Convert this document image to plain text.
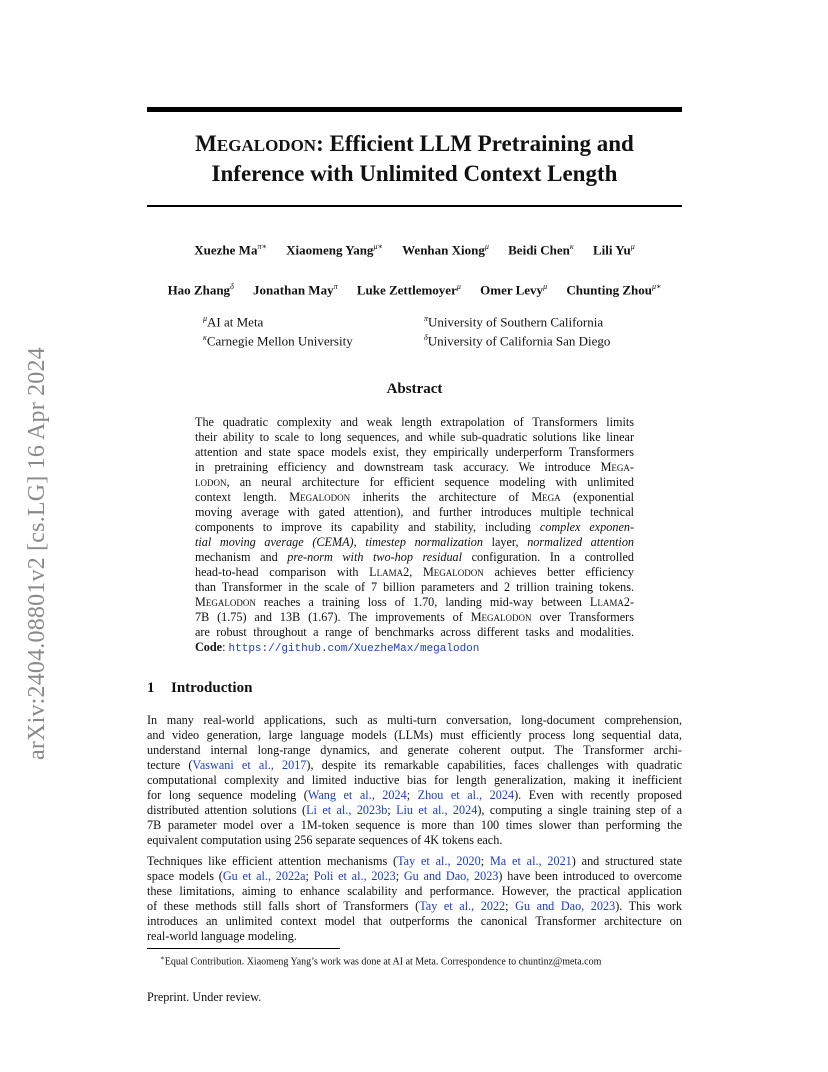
arXiv:2404.08801v2 [cs.LG] 16 Apr 2024
MEGALODON: Efficient LLM Pretraining and
Inference with Unlimited Context Length
Xuezhe $Ma^{\pi∗}$ Xiaomeng Yang$^{\mu∗}$ Wenhan Xiong$^\mu$ Beidi Chen$^\kappa$ Lili $Yu^\mu$
Hao Zhang$^\delta$ Jonathan May$^\pi$ Luke Zettlemoyer$^\mu$ Omer Levy$^\mu$ Chunting Zhou$^{\mu∗}$
$^\mu$AI at Meta
$^\kappa$Carnegie Mellon University
$^\pi$University of Southern California
$^\delta$University of California San Diego
Abstract
The quadratic complexity and weak length extrapolation of Transformers limits
their ability to scale to long sequences, and while sub-quadratic solutions like linear
attention and state space models exist, they empirically underperform Transformers
in pretraining efficiency and downstream task accuracy. We introduce Mega-
lodon, an neural architecture for efficient sequence modeling with unlimited
context length. Megalodon inherits the architecture of Mega (exponential
moving average with gated attention), and further introduces multiple technical
components to improve its capability and stability, including complex exponen-
tial moving average (CEMA), timestep normalization layer, normalized attention
mechanism and pre-norm with two-hop residual configuration. In a controlled
head-to-head comparison with Llama2, Megalodon achieves better efficiency
than Transformer in the scale of 7 billion parameters and 2 trillion training tokens.
Megalodon reaches a training loss of 1.70, landing mid-way between Llama2-
7B (1.75) and 13B (1.67). The improvements of Megalodon over Transformers
are robust throughout a range of benchmarks across different tasks and modalities.
Code: https://github.com/XuezheMax/megalodon
1 Introduction
In many real-world applications, such as multi-turn conversation, long-document comprehension,
and video generation, large language models (LLMs) must efficiently process long sequential data,
understand internal long-range dynamics, and generate coherent output. The Transformer archi-
tecture (Vaswani et al., 2017), despite its remarkable capabilities, faces challenges with quadratic
computational complexity and limited inductive bias for length generalization, making it inefficient
for long sequence modeling (Wang et al., 2024; Zhou et al., 2024). Even with recently proposed
distributed attention solutions (Li et al., 2023b; Liu et al., 2024), computing a single training step of a
7B parameter model over a 1M-token sequence is more than 100 times slower than performing the
equivalent computation using 256 separate sequences of 4K tokens each.
Techniques like efficient attention mechanisms (Tay et al., 2020; Ma et al., 2021) and structured state
space models (Gu et al., 2022a; Poli et al., 2023; Gu and Dao, 2023) have been introduced to overcome
these limitations, aiming to enhance scalability and performance. However, the practical application
of these methods still falls short of Transformers (Tay et al., 2022; Gu and Dao, 2023). This work
introduces an unlimited context model that outperforms the canonical Transformer architecture on
real-world language modeling.
∗Equal Contribution. Xiaomeng Yang’s work was done at AI at Meta. Correspondence to chuntinz@meta.com
Preprint. Under review.
